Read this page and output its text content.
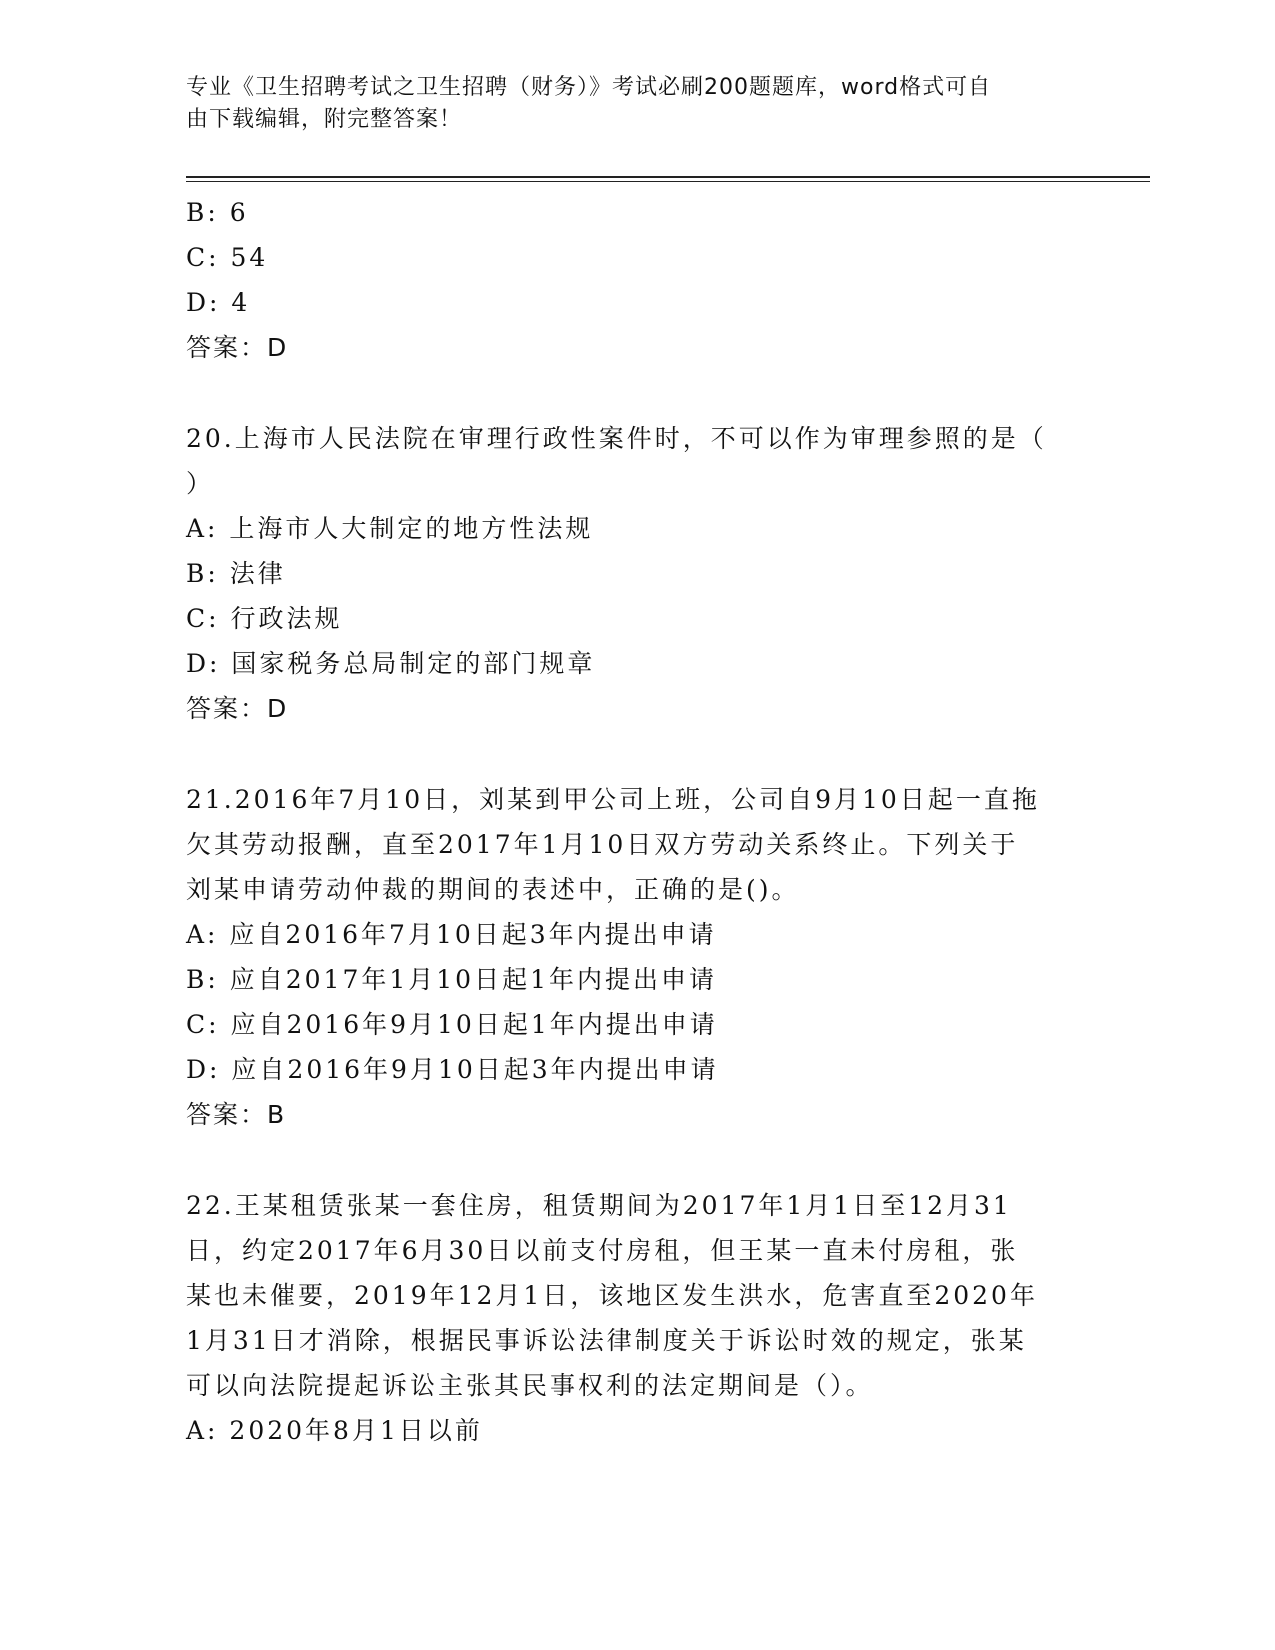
专业《卫生招聘考试之卫生招聘（财务）》考试必刷200题题库，word格式可自
由下载编辑，附完整答案！
B: 6
C: 54
D: 4
答案：D
20.上海市人民法院在审理行政性案件时，不可以作为审理参照的是（
）
A: 上海市人大制定的地方性法规
B: 法律
C: 行政法规
D: 国家税务总局制定的部门规章
答案：D
21.2016年7月10日，刘某到甲公司上班，公司自9月10日起一直拖
欠其劳动报酬，直至2017年1月10日双方劳动关系终止。下列关于
刘某申请劳动仲裁的期间的表述中，正确的是()。
A: 应自2016年7月10日起3年内提出申请
B: 应自2017年1月10日起1年内提出申请
C: 应自2016年9月10日起1年内提出申请
D: 应自2016年9月10日起3年内提出申请
答案：B
22.王某租赁张某一套住房，租赁期间为2017年1月1日至12月31
日，约定2017年6月30日以前支付房租，但王某一直未付房租，张
某也未催要，2019年12月1日，该地区发生洪水，危害直至2020年
1月31日才消除，根据民事诉讼法律制度关于诉讼时效的规定，张某
可以向法院提起诉讼主张其民事权利的法定期间是（）。
A: 2020年8月1日以前
